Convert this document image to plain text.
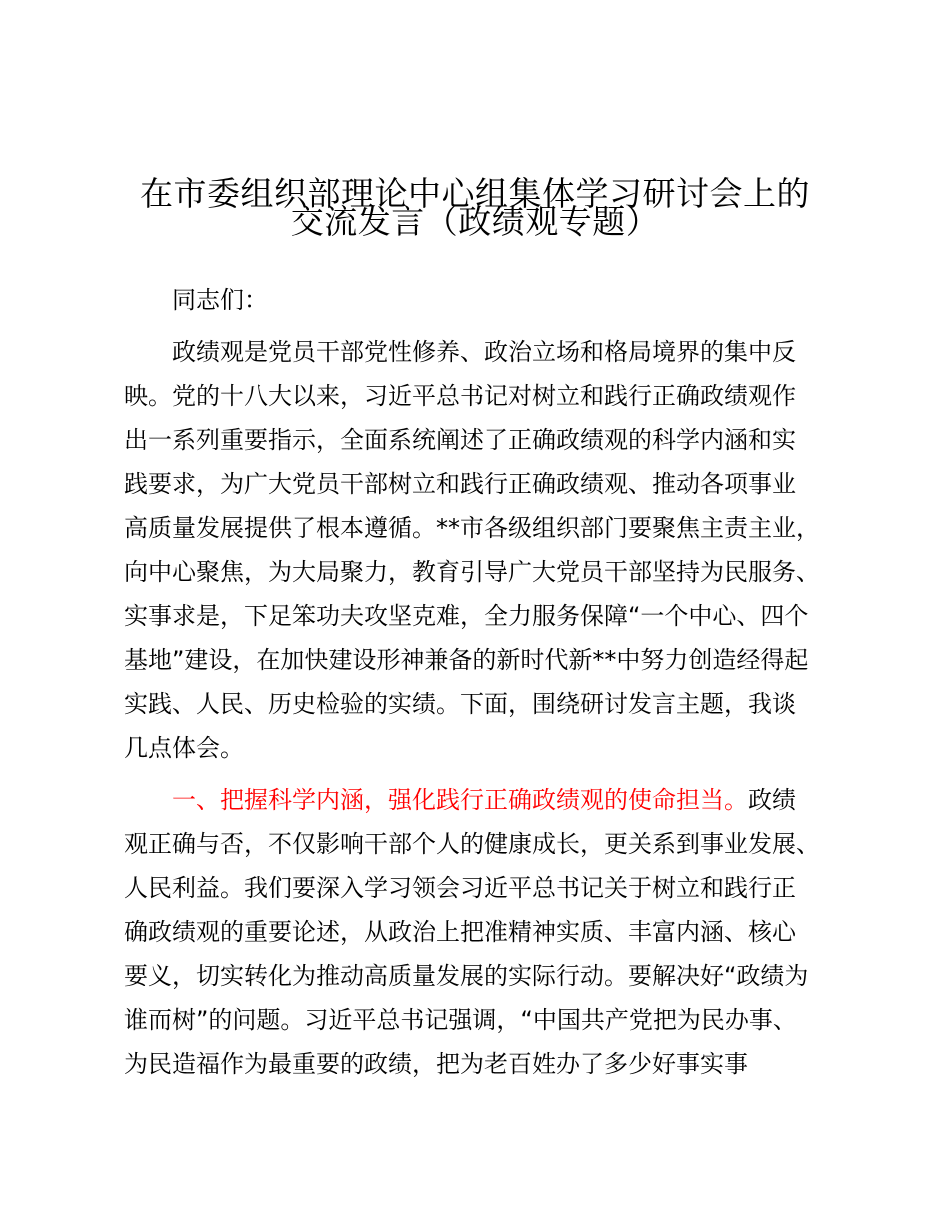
在市委组织部理论中心组集体学习研讨会上的
交流发言（政绩观专题）
同志们：
政绩观是党员干部党性修养、政治立场和格局境界的集中反
映。党的十八大以来，习近平总书记对树立和践行正确政绩观作
出一系列重要指示，全面系统阐述了正确政绩观的科学内涵和实
践要求，为广大党员干部树立和践行正确政绩观、推动各项事业
高质量发展提供了根本遵循。**市各级组织部门要聚焦主责主业，
向中心聚焦，为大局聚力，教育引导广大党员干部坚持为民服务、
实事求是，下足笨功夫攻坚克难，全力服务保障“一个中心、四个
基地”建设，在加快建设形神兼备的新时代新**中努力创造经得起
实践、人民、历史检验的实绩。下面，围绕研讨发言主题，我谈
几点体会。
一、把握科学内涵，强化践行正确政绩观的使命担当。政绩
观正确与否，不仅影响干部个人的健康成长，更关系到事业发展、
人民利益。我们要深入学习领会习近平总书记关于树立和践行正
确政绩观的重要论述，从政治上把准精神实质、丰富内涵、核心
要义，切实转化为推动高质量发展的实际行动。要解决好“政绩为
谁而树”的问题。习近平总书记强调，“中国共产党把为民办事、
为民造福作为最重要的政绩，把为老百姓办了多少好事实事
